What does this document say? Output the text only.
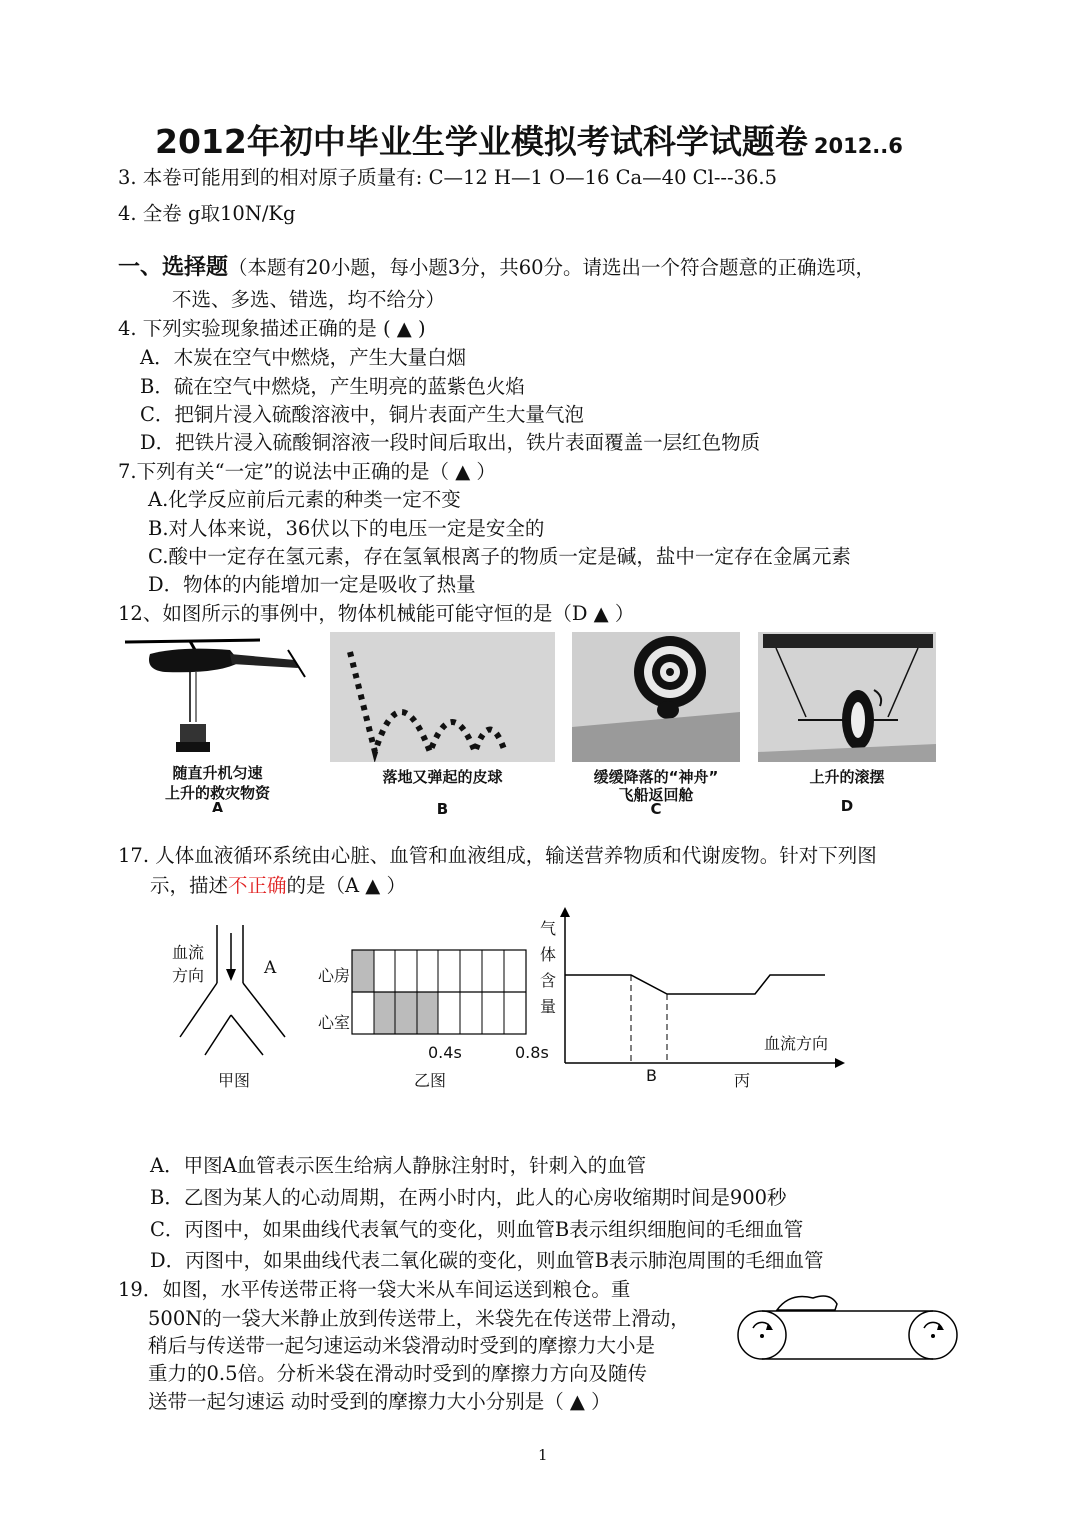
2012年初中毕业生学业模拟考试科学试题卷 2012..6
3. 本卷可能用到的相对原子质量有: C—12 H—1 O—16 Ca—40 Cl---36.5
4. 全卷 g取10N/Kg
一、选择题（本题有20小题，每小题3分，共60分。请选出一个符合题意的正确选项，
不选、多选、错选，均不给分）
4. 下列实验现象描述正确的是 ( ▲ )
A．木炭在空气中燃烧，产生大量白烟
B．硫在空气中燃烧，产生明亮的蓝紫色火焰
C．把铜片浸入硫酸溶液中，铜片表面产生大量气泡
D．把铁片浸入硫酸铜溶液一段时间后取出，铁片表面覆盖一层红色物质
7.下列有关“一定”的说法中正确的是（ ▲ ）
A.化学反应前后元素的种类一定不变
B.对人体来说，36伏以下的电压一定是安全的
C.酸中一定存在氢元素，存在氢氧根离子的物质一定是碱，盐中一定存在金属元素
D．物体的内能增加一定是吸收了热量
12、如图所示的事例中，物体机械能可能守恒的是（D ▲ ）
随直升机匀速
上升的救灾物资
A
落地又弹起的皮球
B
缓缓降落的“神舟”
飞船返回舱
C
上升的滚摆
D
17. 人体血液循环系统由心脏、血管和血液组成，输送营养物质和代谢废物。针对下列图
示，描述不正确的是（A ▲ ）
血流
方向	A
甲图
心房
心室
0.4s	0.8s
乙图
气
体
含
量
血流方向
B	丙
A．甲图A血管表示医生给病人静脉注射时，针刺入的血管
B．乙图为某人的心动周期，在两小时内，此人的心房收缩期时间是900秒
C．丙图中，如果曲线代表氧气的变化，则血管B表示组织细胞间的毛细血管
D．丙图中，如果曲线代表二氧化碳的变化，则血管B表示肺泡周围的毛细血管
19．如图，水平传送带正将一袋大米从车间运送到粮仓。重
500N的一袋大米静止放到传送带上，米袋先在传送带上滑动，
稍后与传送带一起匀速运动米袋滑动时受到的摩擦力大小是
重力的0.5倍。分析米袋在滑动时受到的摩擦力方向及随传
送带一起匀速运 动时受到的摩擦力大小分别是（ ▲ ）
1
